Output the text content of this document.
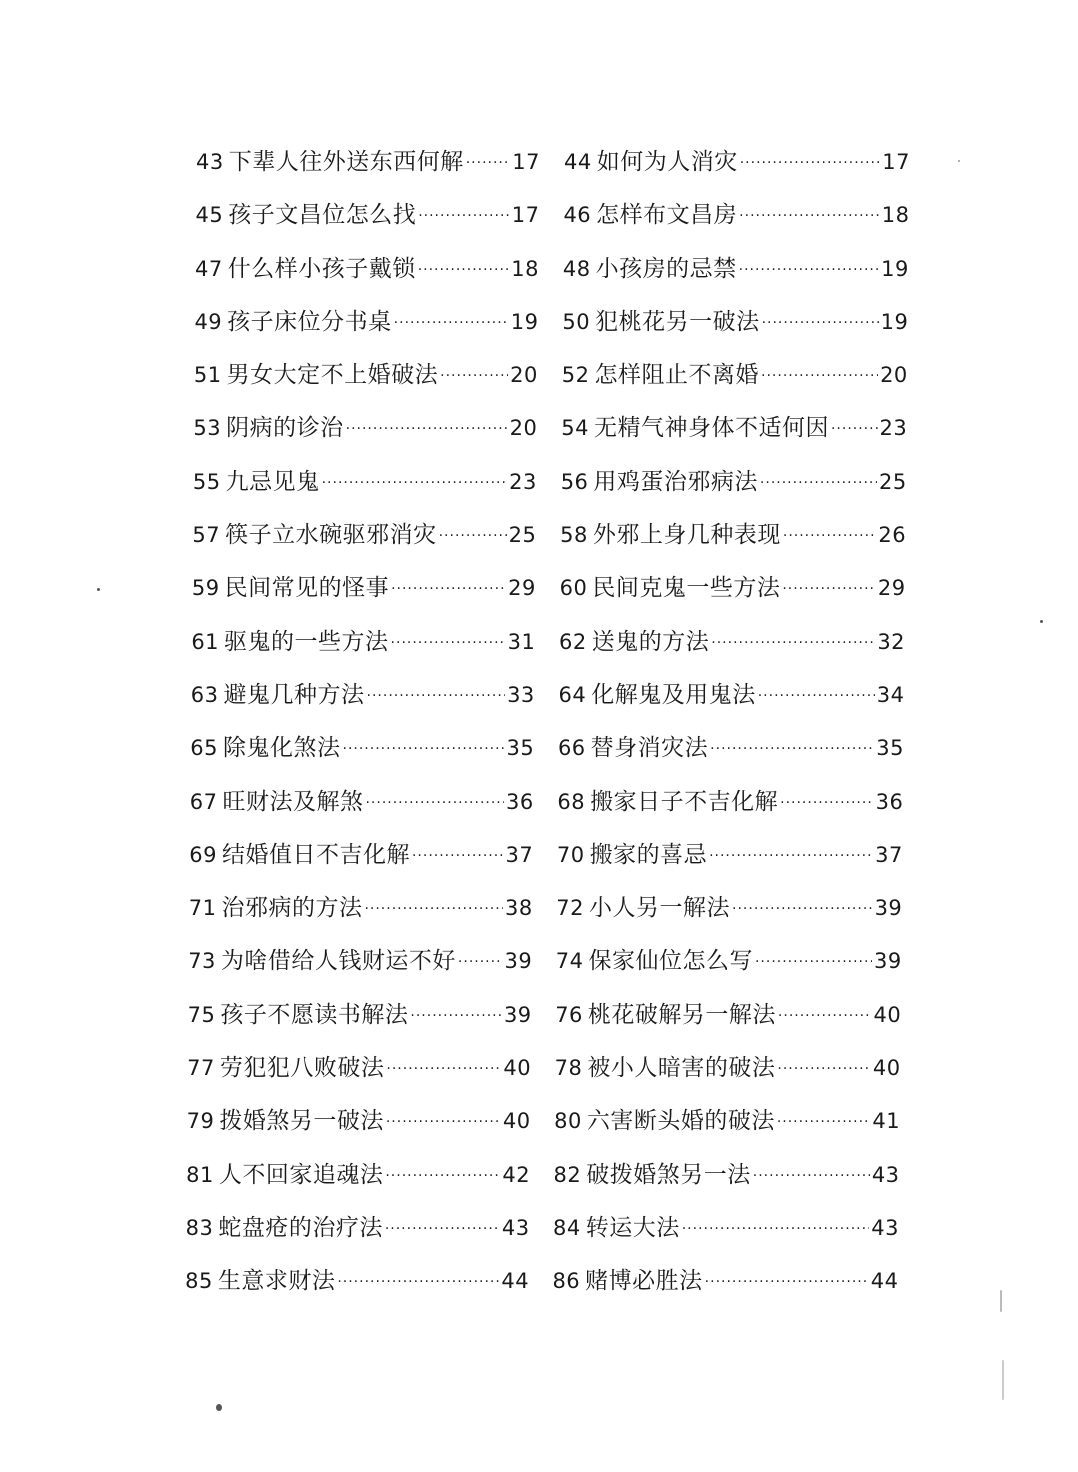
43 下辈人往外送东西何解 ····· 17 44 如何为人消灾 ·····	17
45 孩子文昌位怎么找 ·····	17 46 怎样布文昌房 ·····	18
47 什么样小孩子戴锁 ·····	18 48 小孩房的忌禁 ·····	19
49 孩子床位分书桌 ·····	19 50 犯桃花另一破法 ·····	19
51 男女大定不上婚破法 ·····	20 52 怎样阻止不离婚 ·····	20
53 阴病的诊治 ·····	20 54 无精气神身体不适何因 ····· 23
55 九忌见鬼 ·····	23 56 用鸡蛋治邪病法 ·····	25
57 筷子立水碗驱邪消灾 ·····	25 58 外邪上身几种表现 ·····	26
59 民间常见的怪事 ·····	29 60 民间克鬼一些方法 ·····	29
61 驱鬼的一些方法 ·····	31 62 送鬼的方法 ·····	32
63 避鬼几种方法 ·····	33 64 化解鬼及用鬼法 ·····	34
65 除鬼化煞法 ·····	35 66 替身消灾法 ·····	35
67 旺财法及解煞 ·····	36 68 搬家日子不吉化解 ·····	36
69 结婚值日不吉化解 ·····	37 70 搬家的喜忌 ·····	37
71 治邪病的方法 ·····	38 72 小人另一解法 ·····	39
73 为啥借给人钱财运不好 ····· 39 74 保家仙位怎么写 ·····	39
75 孩子不愿读书解法 ·····	39 76 桃花破解另一解法 ·····	40
77 劳犯犯八败破法 ·····	40 78 被小人暗害的破法 ·····	40
79 拨婚煞另一破法 ·····	40 80 六害断头婚的破法 ·····	41
81 人不回家追魂法 ·····	42 82 破拨婚煞另一法 ·····	43
83 蛇盘疮的治疗法 ·····	43 84 转运大法 ·····	43
85 生意求财法 ·····	44 86 赌博必胜法 ·····	44
